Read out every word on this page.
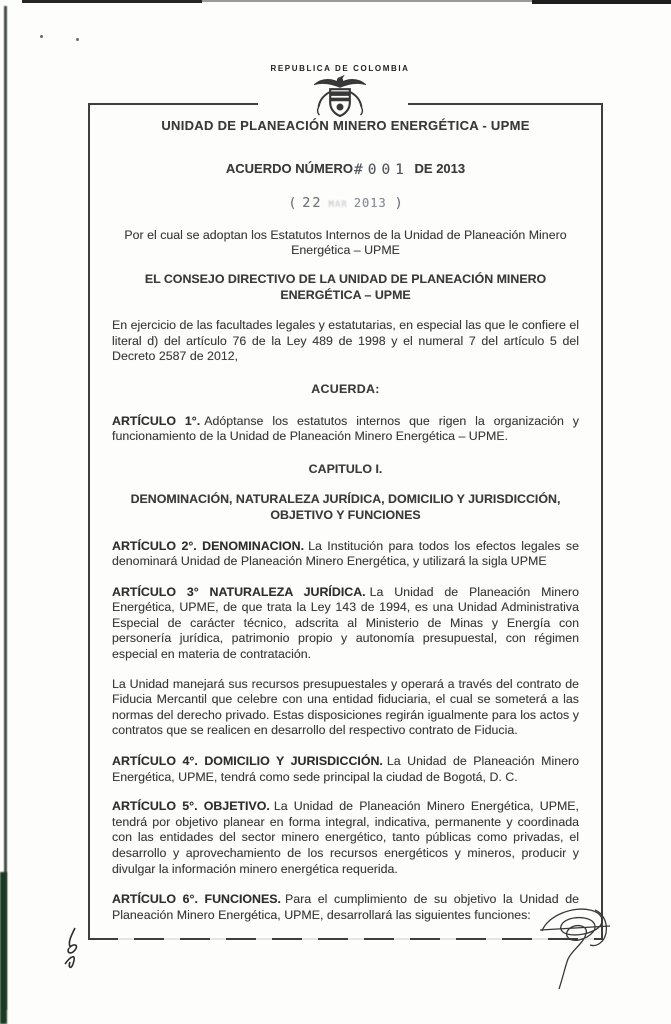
REPUBLICA DE COLOMBIA
UNIDAD DE PLANEACIÓN MINERO ENERGÉTICA - UPME
ACUERDO NÚMERO#001 DE 2013
( 22 MAR 2013 )

Por el cual se adoptan los Estatutos Internos de la Unidad de Planeación Minero Energética – UPME

EL CONSEJO DIRECTIVO DE LA UNIDAD DE PLANEACIÓN MINERO ENERGÉTICA – UPME

En ejercicio de las facultades legales y estatutarias, en especial las que le confiere el literal d) del artículo 76 de la Ley 489 de 1998 y el numeral 7 del artículo 5 del Decreto 2587 de 2012,

ACUERDA:

ARTÍCULO 1°. Adóptanse los estatutos internos que rigen la organización y funcionamiento de la Unidad de Planeación Minero Energética – UPME.

CAPITULO I.
DENOMINACIÓN, NATURALEZA JURÍDICA, DOMICILIO Y JURISDICCIÓN, OBJETIVO Y FUNCIONES

ARTÍCULO 2°. DENOMINACION. La Institución para todos los efectos legales se denominará Unidad de Planeación Minero Energética, y utilizará la sigla UPME

ARTÍCULO 3° NATURALEZA JURÍDICA. La Unidad de Planeación Minero Energética, UPME, de que trata la Ley 143 de 1994, es una Unidad Administrativa Especial de carácter técnico, adscrita al Ministerio de Minas y Energía con personería jurídica, patrimonio propio y autonomía presupuestal, con régimen especial en materia de contratación.

La Unidad manejará sus recursos presupuestales y operará a través del contrato de Fiducia Mercantil que celebre con una entidad fiduciaria, el cual se someterá a las normas del derecho privado. Estas disposiciones regirán igualmente para los actos y contratos que se realicen en desarrollo del respectivo contrato de Fiducia.

ARTÍCULO 4°. DOMICILIO Y JURISDICCIÓN. La Unidad de Planeación Minero Energética, UPME, tendrá como sede principal la ciudad de Bogotá, D. C.

ARTÍCULO 5°. OBJETIVO. La Unidad de Planeación Minero Energética, UPME, tendrá por objetivo planear en forma integral, indicativa, permanente y coordinada con las entidades del sector minero energético, tanto públicas como privadas, el desarrollo y aprovechamiento de los recursos energéticos y mineros, producir y divulgar la información minero energética requerida.

ARTÍCULO 6°. FUNCIONES. Para el cumplimiento de su objetivo la Unidad de Planeación Minero Energética, UPME, desarrollará las siguientes funciones:
